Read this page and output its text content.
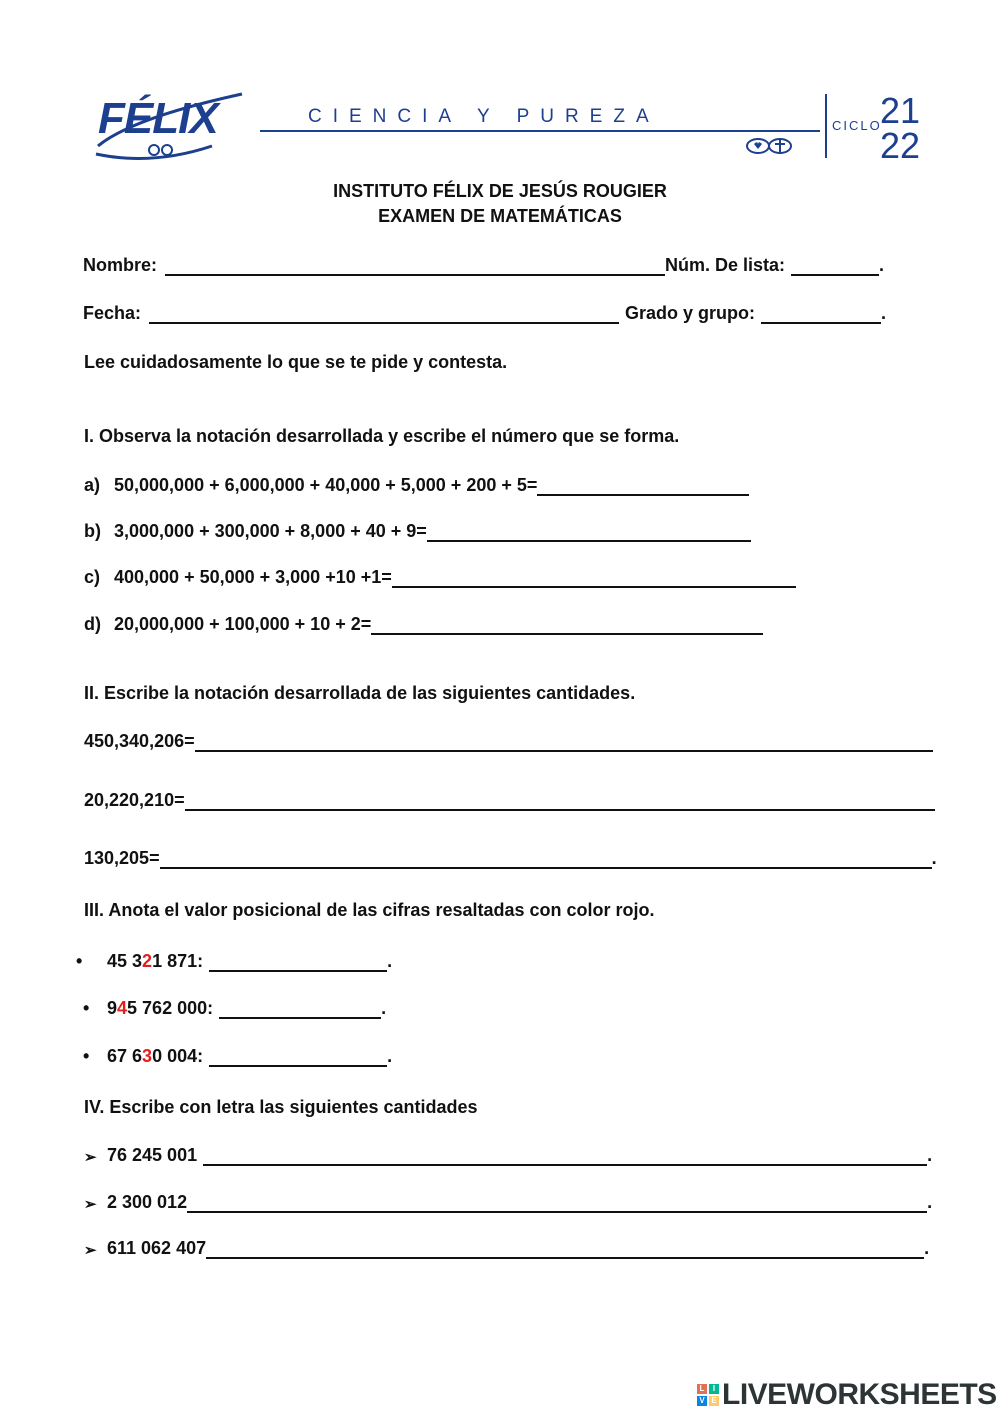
FÉLIX	CIENCIA Y PUREZA	CICLO
21
22
INSTITUTO FÉLIX DE JESÚS ROUGIER
EXAMEN DE MATEMÁTICAS
Nombre:	Núm. De lista:	.
Fecha:	Grado y grupo:	.
Lee cuidadosamente lo que se te pide y contesta.
I. Observa la notación desarrollada y escribe el número que se forma.
a) 50,000,000 + 6,000,000 + 40,000 + 5,000 + 200 + 5=
b) 3,000,000 + 300,000 + 8,000 + 40 + 9=
c) 400,000 + 50,000 + 3,000 +10 +1=
d) 20,000,000 + 100,000 + 10 + 2=
II. Escribe la notación desarrollada de las siguientes cantidades.
450,340,206=
20,220,210=
130,205=	.
III. Anota el valor posicional de las cifras resaltadas con color rojo.
•	45 3 2 1 871:	.
• 9 4 5 762 000:	.
• 67 6 3 0 004:	.
IV. Escribe con letra las siguientes cantidades
➢ 76 245 001	.
➢ 2 300 012	.
➢ 611 062 407	.
L	I
V E LIVEWORKSHEETS
